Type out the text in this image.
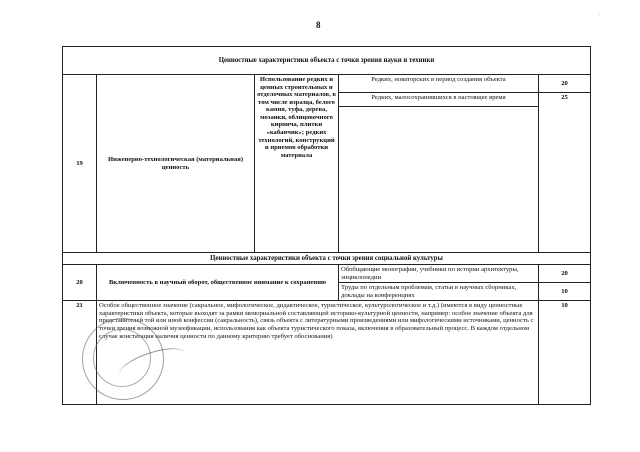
8
·
Ценностные характеристики объекта с точки зрения науки и техники				
19	Инженерно-технологическая (материальная) ценность	Использование редких и ценных строительных и отделочных материалов, в том числе изразца, белого камня, туфа, дерева, мозаики, облицовочного кирпича, плитки «кабанчик»; редких технологий, конструкций и приемов обработки материала	Редких, новаторских в период создания объекта	20
			Редких, малосохранившихся в настоящее время	25

Ценностные характеристики объекта с точки зрения социальной культуры				
20	Включенность в научный оборот, общественное внимание к сохранению		Обобщающие монографии, учебники по истории архитектуры, энциклопедии	20
			Труды по отдельным проблемам, статьи в научных сборниках, доклады на конференциях	10
21	Особое общественное значение (сакральное, мифологическое, дидактическое, туристическое, культурологическое и т.д.) (имеются в виду ценностные характеристики объекта, которые выходят за рамки мемориальной составляющей историко-культурной ценности, например: особое значение объекта для представителей той или иной конфессии (сакральность), связь объекта с литературными произведениями или мифологическими источниками, ценность с точки зрения возможной музеефикации, использования как объекта туристического показа, включения в образовательный процесс. В каждом отдельном случае констатация наличия ценности по данному критерию требует обоснования)			10
